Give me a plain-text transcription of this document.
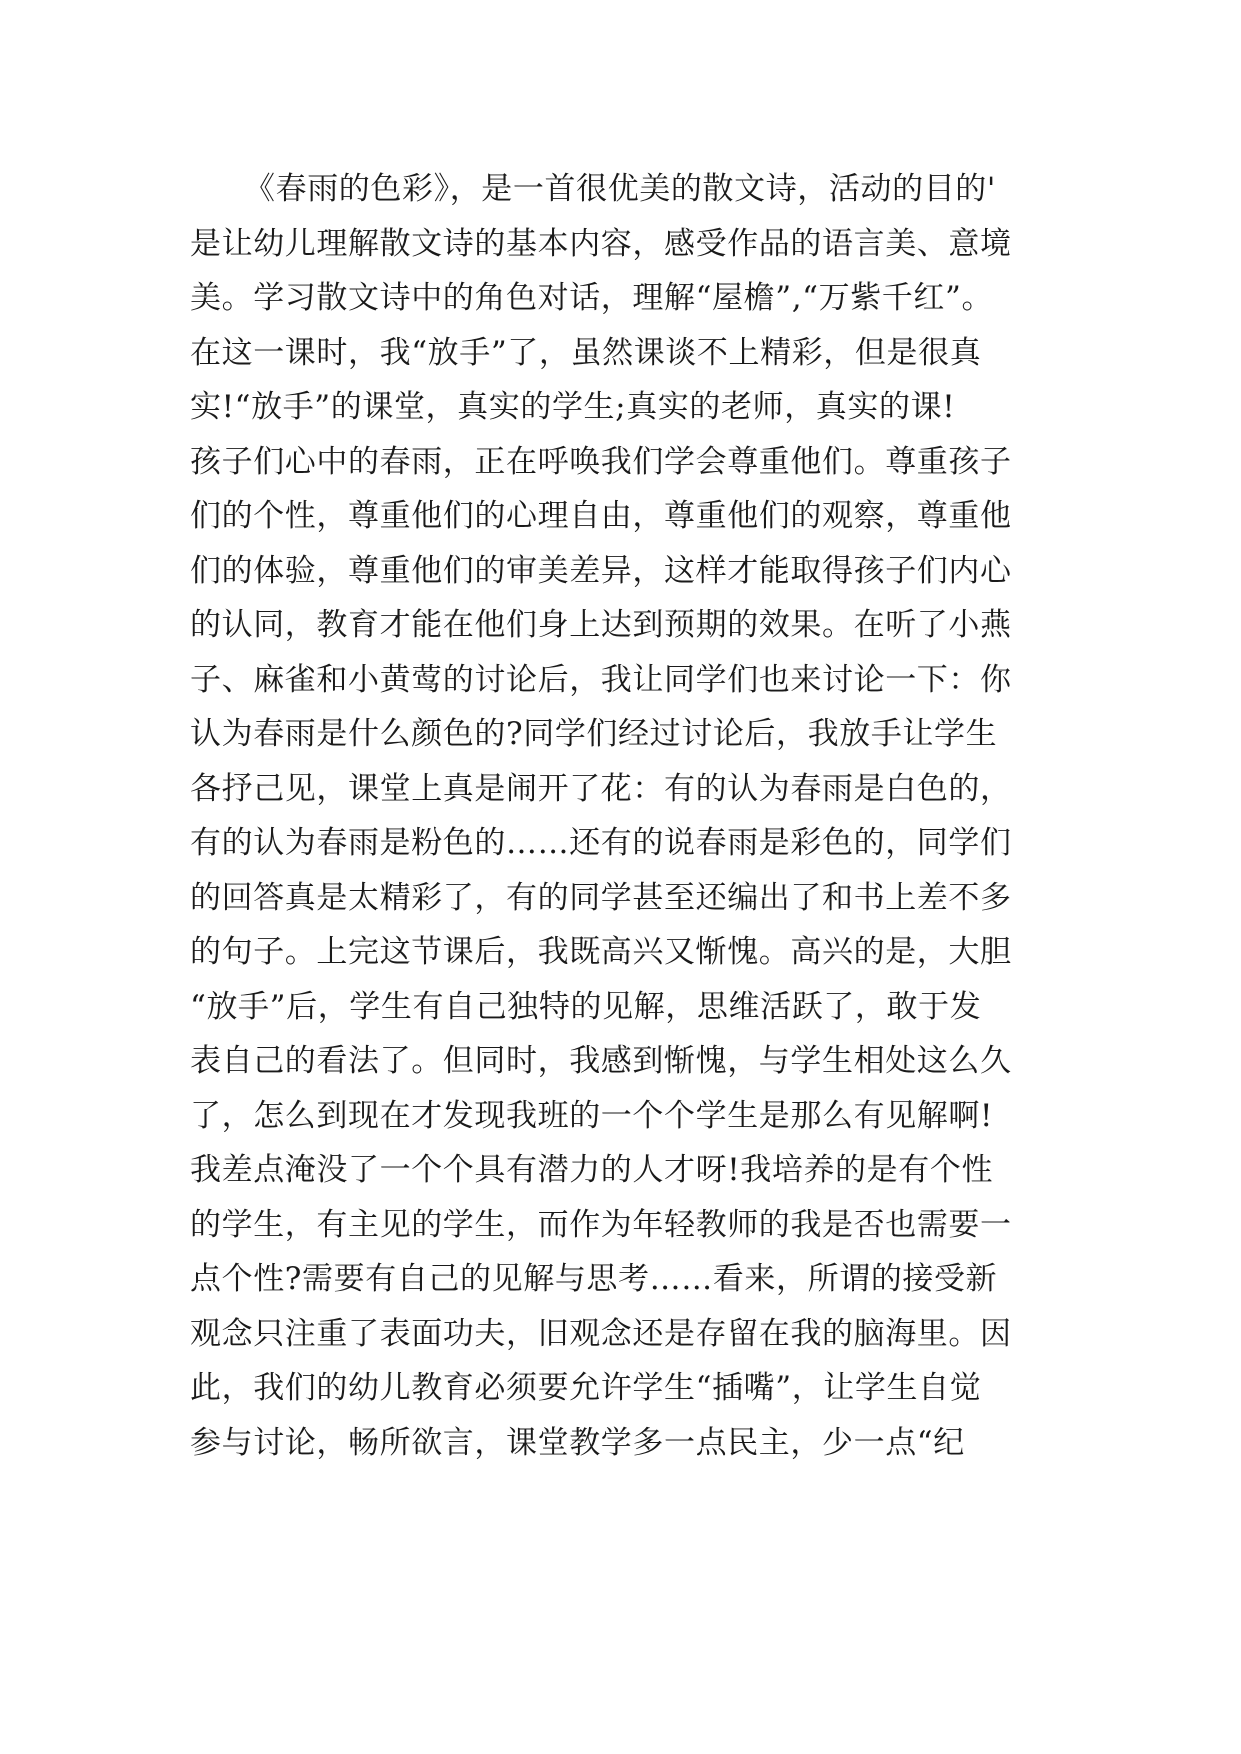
《春雨的色彩》，是一首很优美的散文诗，活动的目的'
是让幼儿理解散文诗的基本内容，感受作品的语言美、意境
美。学习散文诗中的角色对话，理解“屋檐”,“万紫千红”。
在这一课时，我“放手”了，虽然课谈不上精彩，但是很真
实!“放手”的课堂，真实的学生;真实的老师，真实的课!
孩子们心中的春雨，正在呼唤我们学会尊重他们。尊重孩子
们的个性，尊重他们的心理自由，尊重他们的观察，尊重他
们的体验，尊重他们的审美差异，这样才能取得孩子们内心
的认同，教育才能在他们身上达到预期的效果。在听了小燕
子、麻雀和小黄莺的讨论后，我让同学们也来讨论一下：你
认为春雨是什么颜色的?同学们经过讨论后，我放手让学生
各抒己见，课堂上真是闹开了花：有的认为春雨是白色的，
有的认为春雨是粉色的……还有的说春雨是彩色的，同学们
的回答真是太精彩了，有的同学甚至还编出了和书上差不多
的句子。上完这节课后，我既高兴又惭愧。高兴的是，大胆
“放手”后，学生有自己独特的见解，思维活跃了，敢于发
表自己的看法了。但同时，我感到惭愧，与学生相处这么久
了，怎么到现在才发现我班的一个个学生是那么有见解啊!
我差点淹没了一个个具有潜力的人才呀!我培养的是有个性
的学生，有主见的学生，而作为年轻教师的我是否也需要一
点个性?需要有自己的见解与思考……看来，所谓的接受新
观念只注重了表面功夫，旧观念还是存留在我的脑海里。因
此，我们的幼儿教育必须要允许学生“插嘴”，让学生自觉
参与讨论，畅所欲言，课堂教学多一点民主，少一点“纪
